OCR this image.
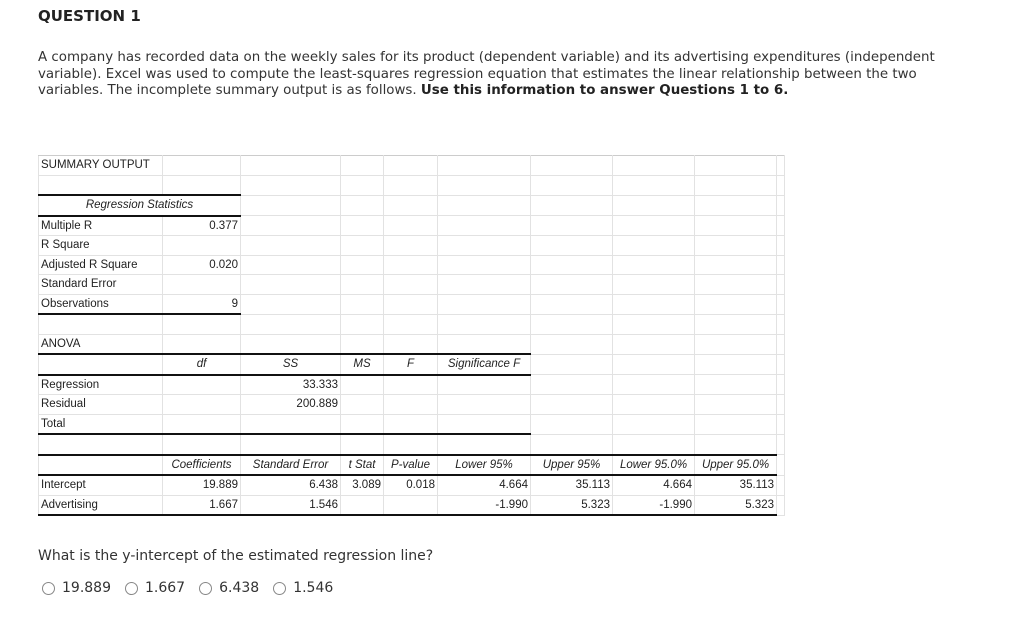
QUESTION 1
A company has recorded data on the weekly sales for its product (dependent variable) and its advertising expenditures (independent variable). Excel was used to compute the least-squares regression equation that estimates the linear relationship between the two variables. The incomplete summary output is as follows. Use this information to answer Questions 1 to 6.
SUMMARY OUTPUT									

Regression Statistics									
Multiple R	0.377								
R Square									
Adjusted R Square	0.020								
Standard Error									
Observations	9								

ANOVA									
	df	SS	MS	F	Significance F				
Regression		33.333							
Residual		200.889							
Total									

	Coefficients	Standard Error	t Stat	P-value	Lower 95%	Upper 95%	Lower 95.0%	Upper 95.0%	
Intercept	19.889	6.438	3.089	0.018	4.664	35.113	4.664	35.113	
Advertising	1.667	1.546			-1.990	5.323	-1.990	5.323	
What is the y-intercept of the estimated regression line?
19.889 1.667 6.438 1.546
